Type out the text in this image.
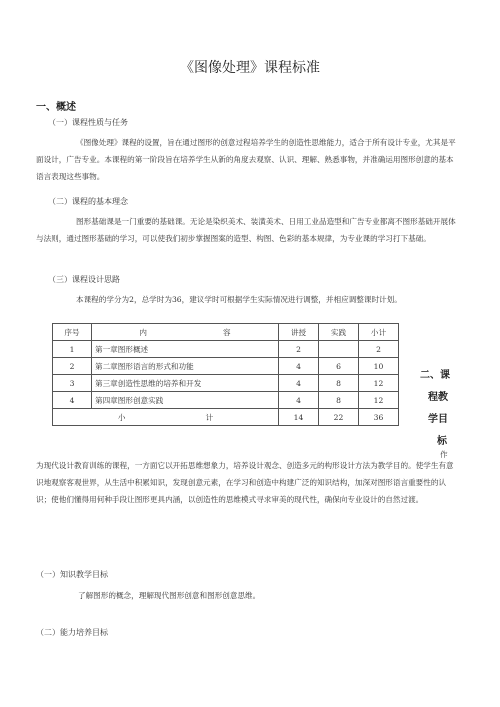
《图像处理》课程标准
一、概述
（一）课程性质与任务
《图像处理》课程的设置，旨在通过图形的创意过程培养学生的创造性思维能力，适合于所有设计专业，尤其是平面设计，广告专业。本课程的第一阶段旨在培养学生从新的角度去观察、认识、理解、熟悉事物，并准确运用图形创意的基本语言表现这些事物。
（二）课程的基本理念
图形基础课是一门重要的基础课。无论是染织美术、装潢美术、日用工业品造型和广告专业都离不图形基础开展体与法则，通过图形基础的学习，可以使我们初步掌握图案的造型、构图、色彩的基本规律，为专业课的学习打下基础。
（三）课程设计思路
本课程的学分为2，总学时为36，建议学时可根据学生实际情况进行调整，并相应调整课时计划。
序号	内 容	讲授	实践	小计
1	第一章图形概述	2		2
2	第二章图形语言的形式和功能	4	6	10
3	第三章创造性思维的培养和开发	4	8	12
4	第四章图形创意实践	4	8	12
小 计		14	22	36
二、课
程教
学目
标
作
为现代设计教育训练的课程，一方面它以开拓思维想象力，培养设计观念、创造多元的构形设计方法为教学目的。使学生有意识地观察客观世界，从生活中积累知识，发现创意元素，在学习和创造中构建广泛的知识结构，加深对图形语言重要性的认识；使他们懂得用何种手段让图形更具内涵，以创造性的思维模式寻求审美的现代性，确保向专业设计的自然过渡。
（一）知识教学目标
了解图形的概念，理解现代图形创意和图形创意思维。
（二）能力培养目标
